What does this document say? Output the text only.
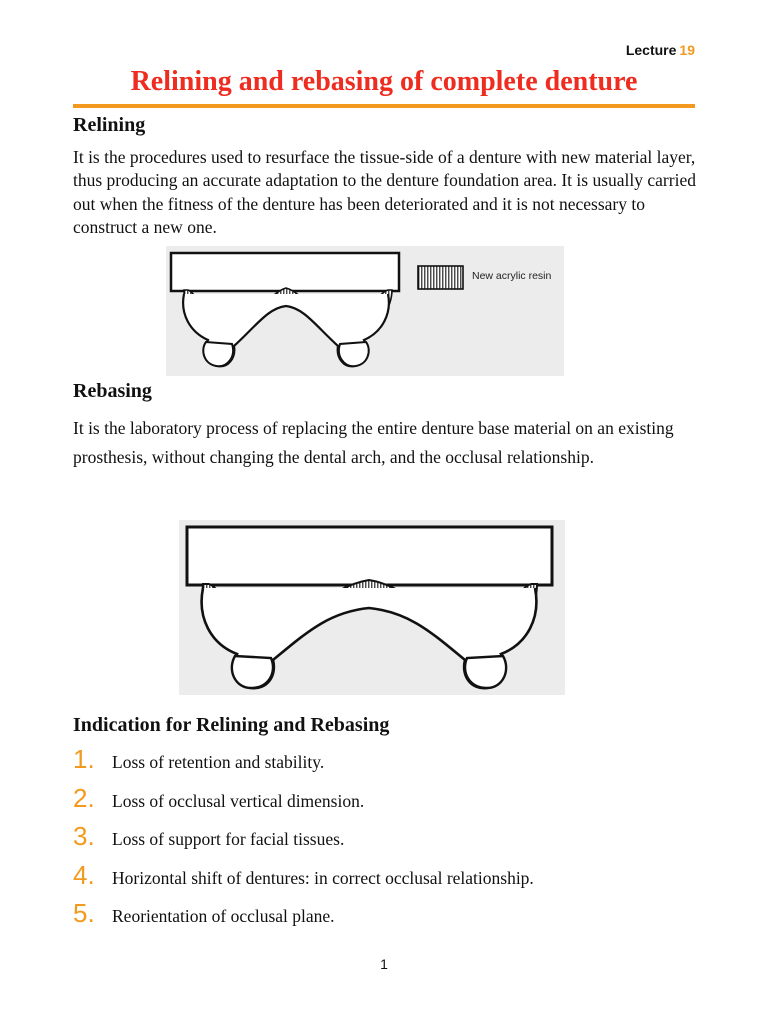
Lecture 19
Relining and rebasing of complete denture
Relining

It is the procedures used to resurface the tissue-side of a denture with new material layer, thus producing an accurate adaptation to the denture foundation area. It is usually carried out when the fitness of the denture has been deteriorated and it is not necessary to construct a new one.

New acrylic resin
Rebasing

It is the laboratory process of replacing the entire denture base material on an existing prosthesis, without changing the dental arch, and the occlusal relationship.

Indication for Relining and Rebasing
1. Loss of retention and stability.
2. Loss of occlusal vertical dimension.
3. Loss of support for facial tissues.
4. Horizontal shift of dentures: in correct occlusal relationship.
5. Reorientation of occlusal plane.
1
